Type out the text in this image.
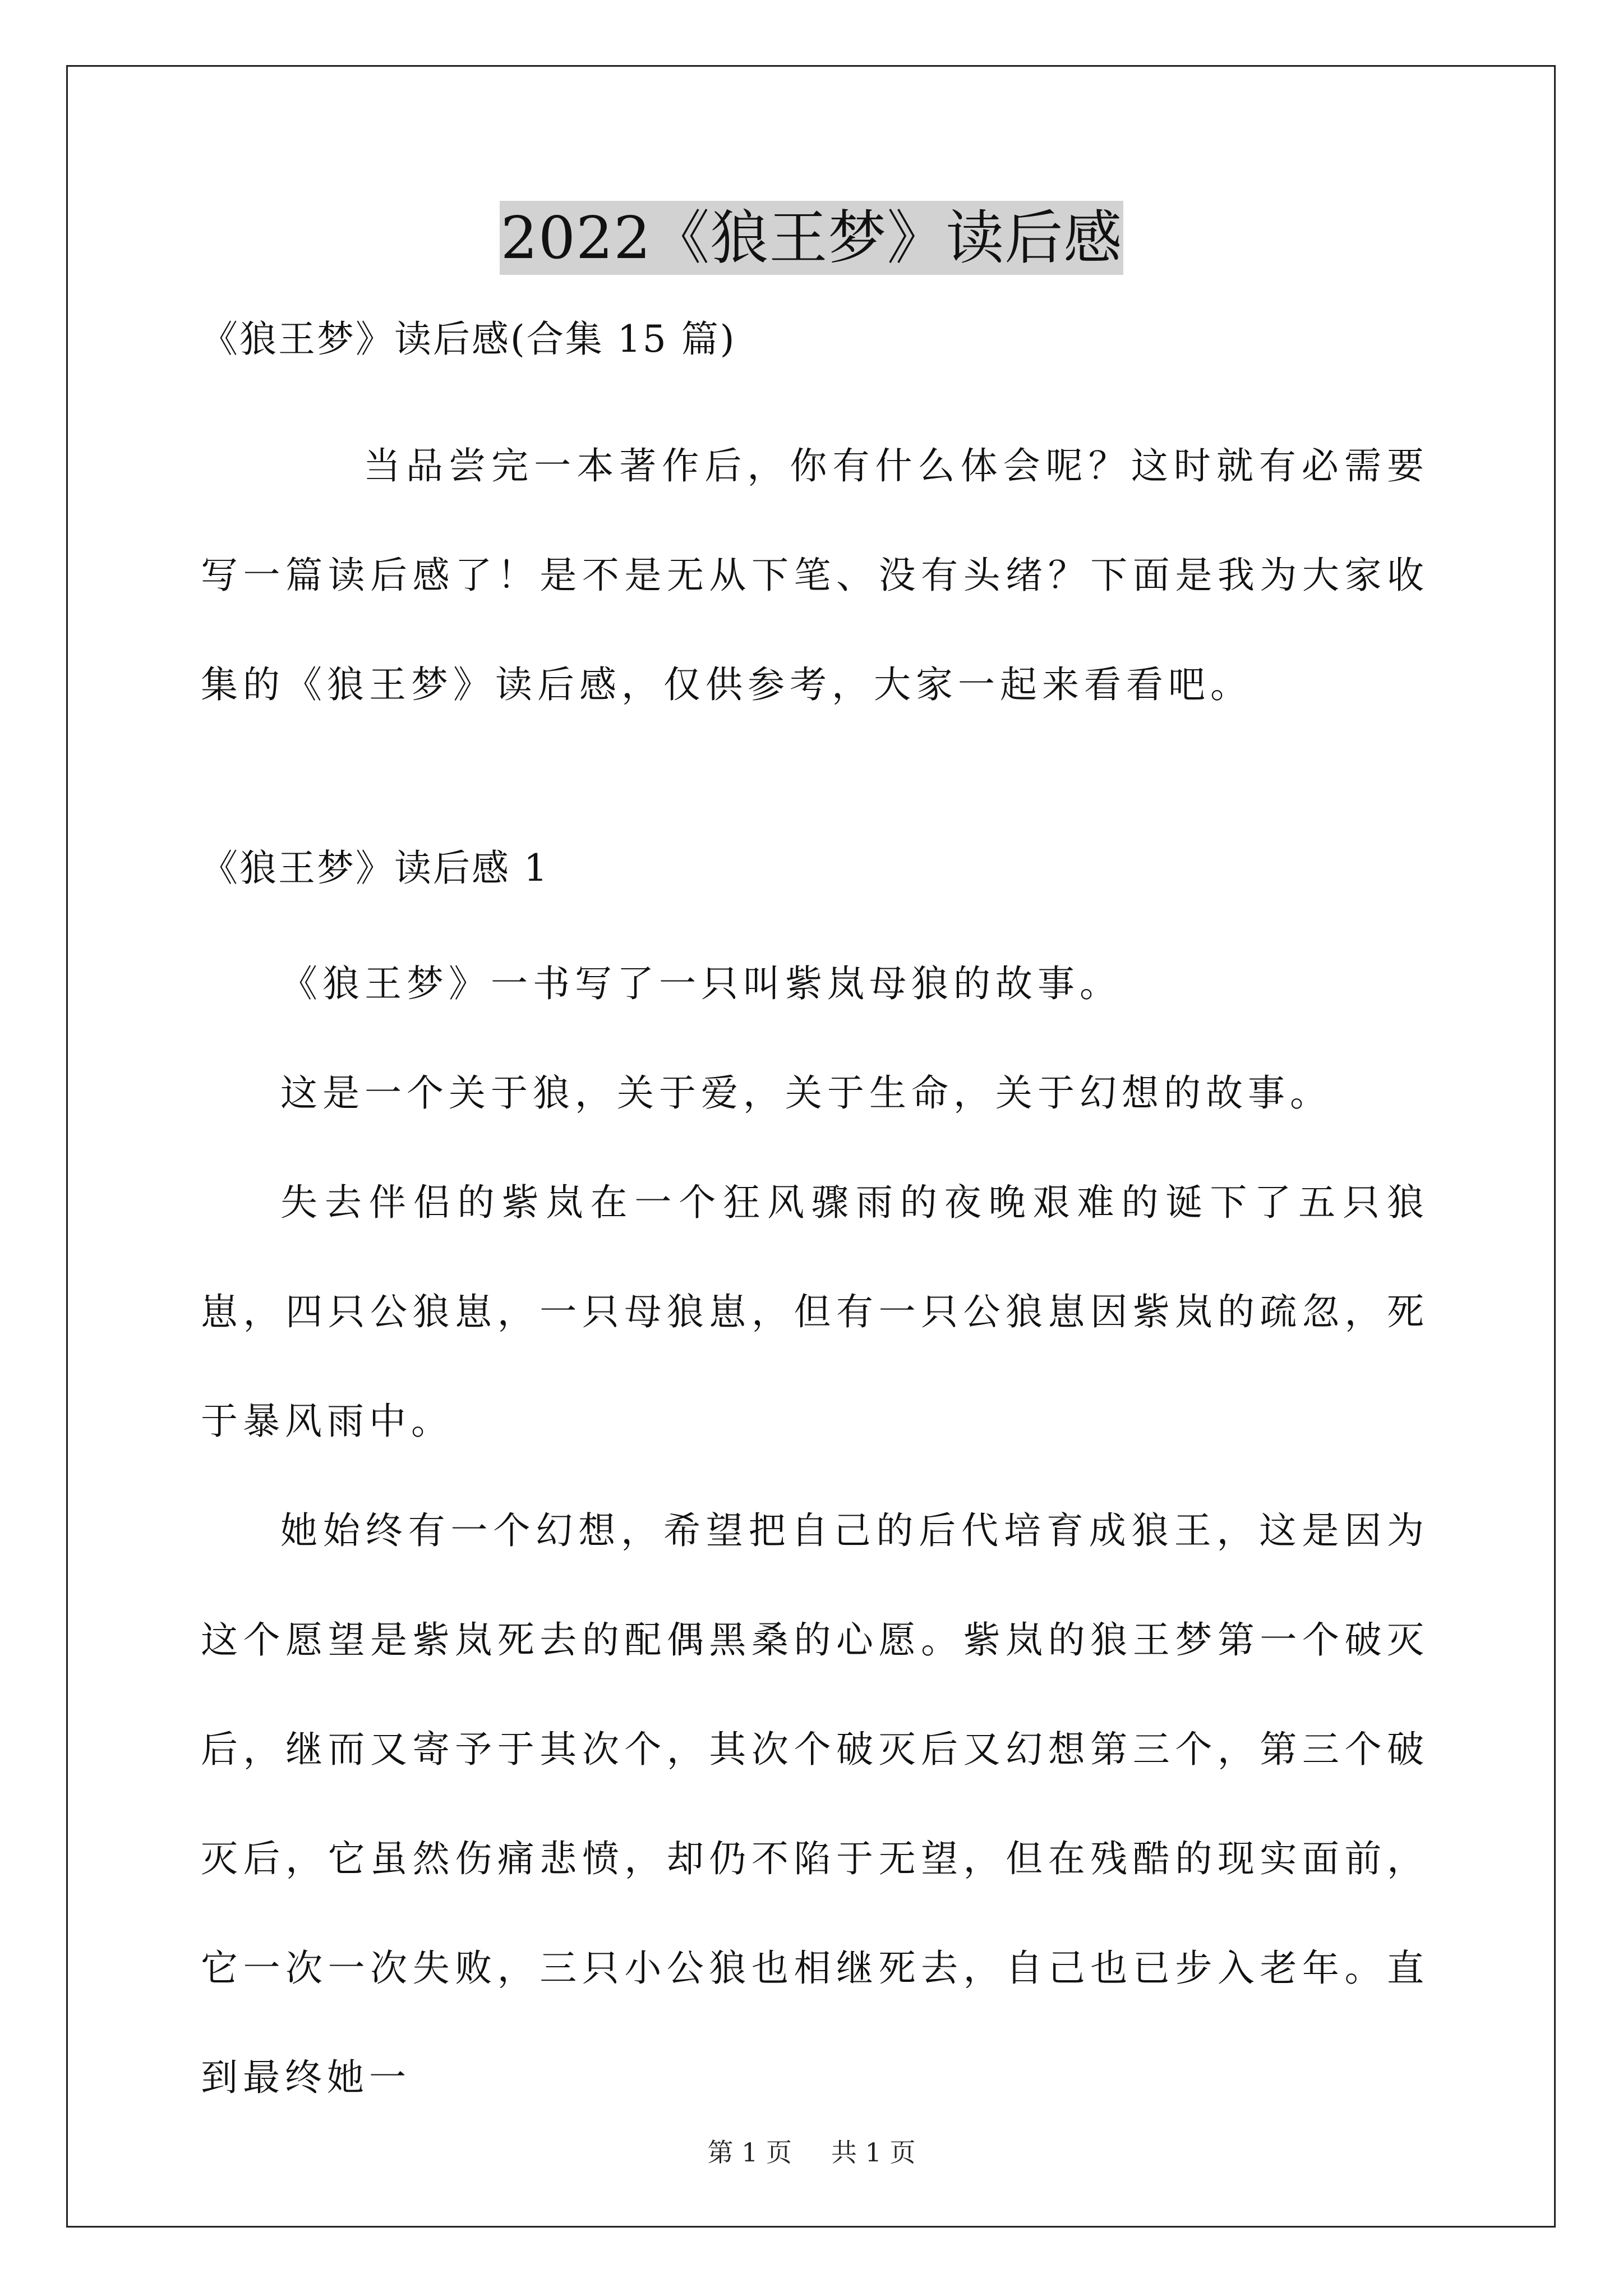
2022《狼王梦》读后感

《狼王梦》读后感(合集 15 篇)

当品尝完一本著作后，你有什么体会呢？这时就有必需要写一篇读后感了！是不是无从下笔、没有头绪？下面是我为大家收集的《狼王梦》读后感，仅供参考，大家一起来看看吧。

《狼王梦》读后感 1

《狼王梦》一书写了一只叫紫岚母狼的故事。

这是一个关于狼，关于爱，关于生命，关于幻想的故事。

失去伴侣的紫岚在一个狂风骤雨的夜晚艰难的诞下了五只狼崽，四只公狼崽，一只母狼崽，但有一只公狼崽因紫岚的疏忽，死于暴风雨中。

她始终有一个幻想，希望把自己的后代培育成狼王，这是因为这个愿望是紫岚死去的配偶黑桑的心愿。紫岚的狼王梦第一个破灭后，继而又寄予于其次个，其次个破灭后又幻想第三个，第三个破灭后，它虽然伤痛悲愤，却仍不陷于无望，但在残酷的现实面前，它一次一次失败，三只小公狼也相继死去，自己也已步入老年。直到最终她一

第 1 页 共 1 页
